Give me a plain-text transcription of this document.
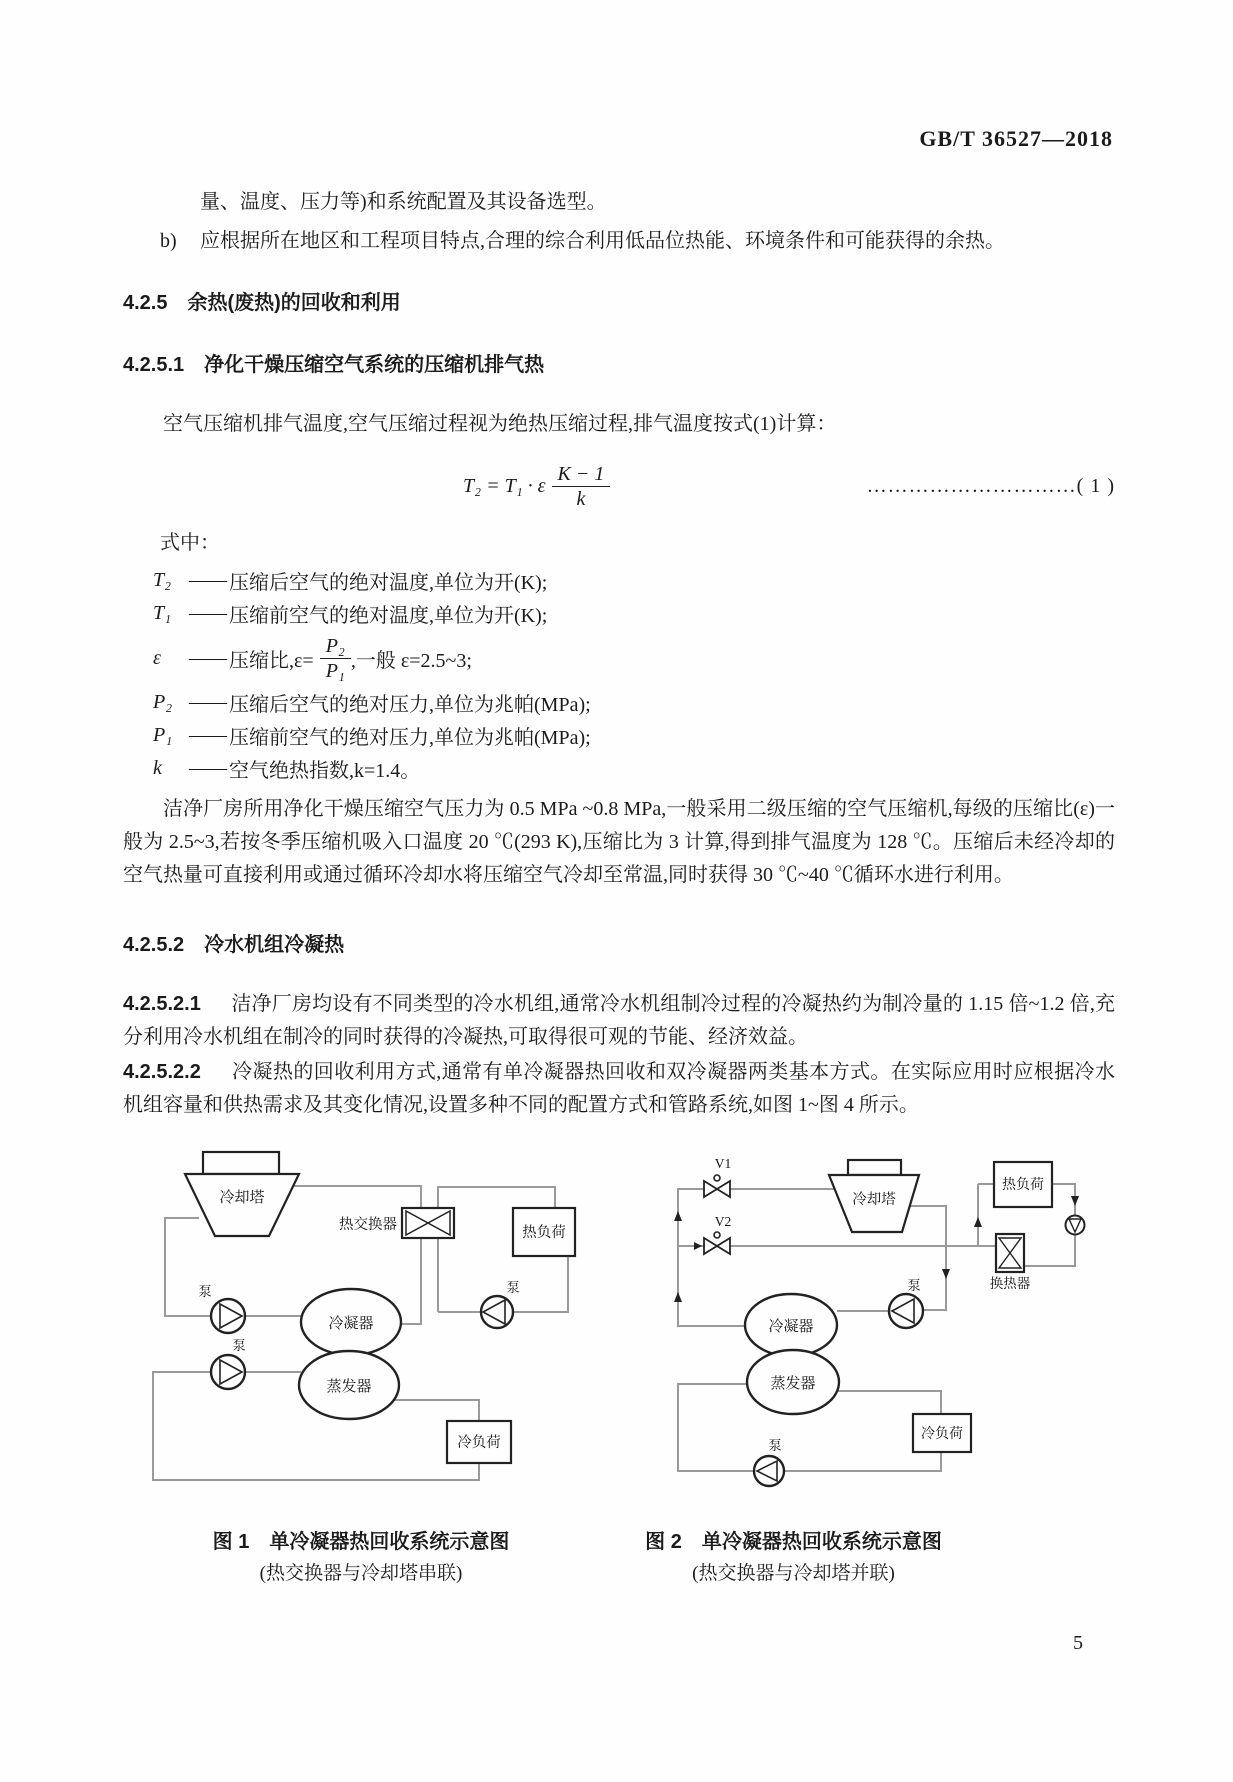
GB/T 36527—2018
量、温度、压力等)和系统配置及其设备选型。
b)	应根据所在地区和工程项目特点,合理的综合利用低品位热能、环境条件和可能获得的余热。
4.2.5　余热(废热)的回收和利用
4.2.5.1　净化干燥压缩空气系统的压缩机排气热
空气压缩机排气温度,空气压缩过程视为绝热压缩过程,排气温度按式(1)计算：
T₂ = T₁ · ε $\frac{K - 1}{k}$	…………………………( 1 )
式中：
T₂ —— 压缩后空气的绝对温度,单位为开(K);
T₁ —— 压缩前空气的绝对温度,单位为开(K);
ε	—— 压缩比$,\varepsilon= \frac{\text{P₂}}{\text{P₁}}$ ,一般 ε=2.5~3;
P₂ —— 压缩后空气的绝对压力,单位为兆帕(MPa);
P₁ —— 压缩前空气的绝对压力,单位为兆帕(MPa);
k	—— 空气绝热指数,k=1.4。
洁净厂房所用净化干燥压缩空气压力为 0.5 MPa ~0.8 MPa,一般采用二级压缩的空气压缩机,每级的压缩比(ε)一般为 2.5~3,若按冬季压缩机吸入口温度 20 ℃(293 K),压缩比为 3 计算,得到排气温度为 128 ℃。压缩后未经冷却的空气热量可直接利用或通过循环冷却水将压缩空气冷却至常温,同时获得 30 ℃~40 ℃循环水进行利用。
4.2.5.2　冷水机组冷凝热
4.2.5.2.1 　 洁净厂房均设有不同类型的冷水机组,通常冷水机组制冷过程的冷凝热约为制冷量的 1.15 倍~1.2 倍,充分利用冷水机组在制冷的同时获得的冷凝热,可取得很可观的节能、经济效益。
4.2.5.2.2 　 冷凝热的回收利用方式,通常有单冷凝器热回收和双冷凝器两类基本方式。在实际应用时应根据冷水机组容量和供热需求及其变化情况,设置多种不同的配置方式和管路系统,如图 1~图 4 所示。
冷却塔
热交换器	热负荷
冷凝器
蒸发器
泵
泵
泵
冷负荷
V1
V2
冷却塔
热负荷
换热器
泵
冷凝器
蒸发器
冷负荷
泵
图 1　单冷凝器热回收系统示意图
(热交换器与冷却塔串联)
图 2　单冷凝器热回收系统示意图
(热交换器与冷却塔并联)
5
